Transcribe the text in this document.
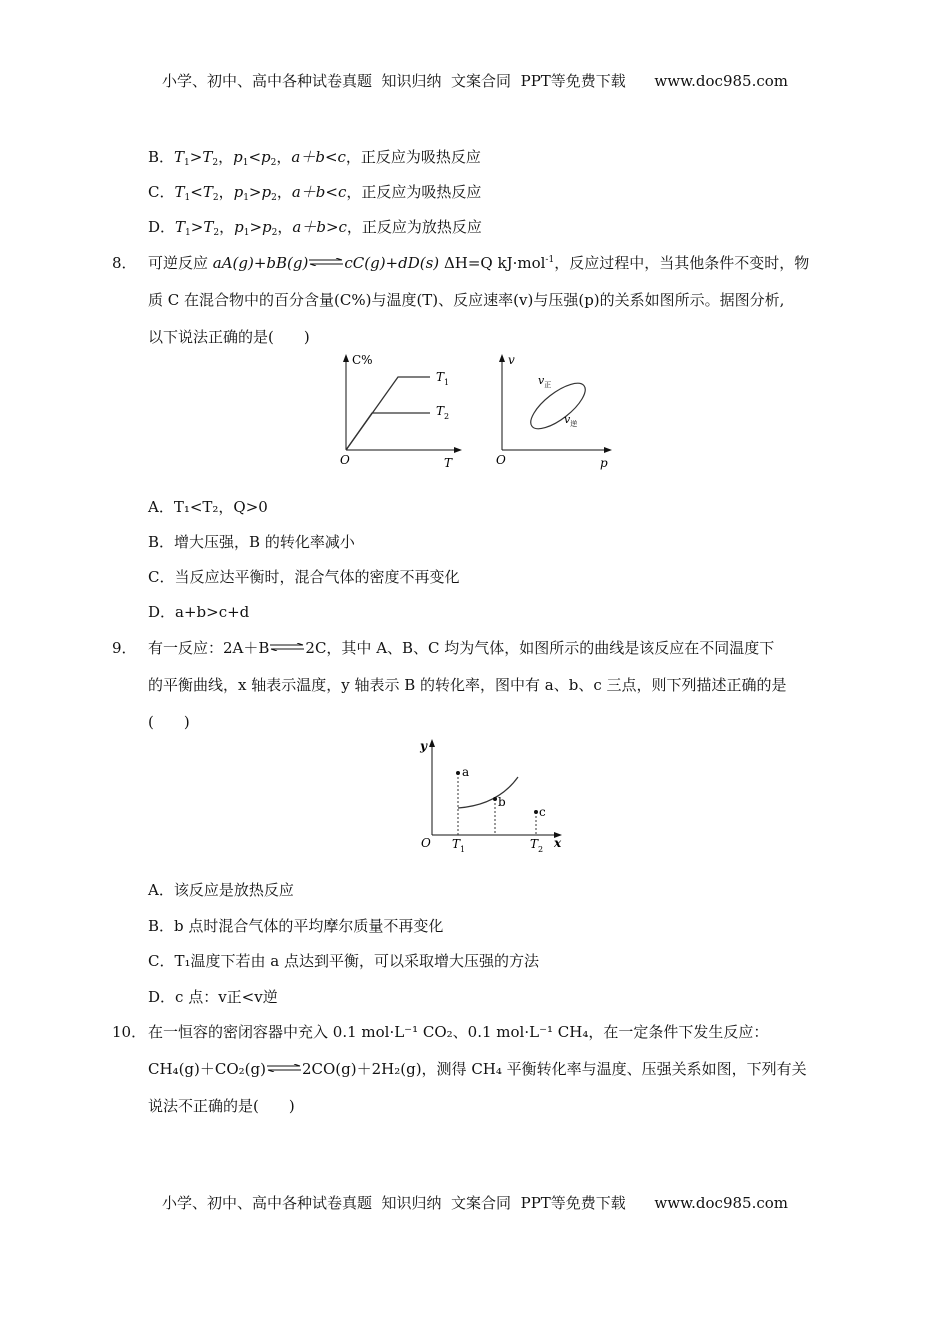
小学、初中、高中各种试卷真题  知识归纳  文案合同  PPT等免费下载 www.doc985.com
B．$T_1>T_2$，$p_1<p_2$，a＋b<c，正反应为吸热反应
C．$T_1<T_2$，$p_1>p_2$，a＋b<c，正反应为吸热反应
D．$T_1>T_2$，$p_1>p_2$，a＋b>c，正反应为放热反应
8． 可逆反应 aA(g)+bB(g)⇌cC(g)+dD(s) ΔH=Q kJ·mol$^{-1}$，反应过程中，当其他条件不变时，物
质 C 在混合物中的百分含量(C%)与温度(T)、反应速率(v)与压强(p)的关系如图所示。据图分析,
以下说法正确的是(　　)
C%
O	T
$T_1$
$T_2$
v
O	p
$v_正$
$v_逆$
A．T₁<T₂，Q>0
B．增大压强，B 的转化率减小
C．当反应达平衡时，混合气体的密度不再变化
D．a+b>c+d
9． 有一反应：2A＋B⇌2C，其中 A、B、C 均为气体，如图所示的曲线是该反应在不同温度下
的平衡曲线，x 轴表示温度，y 轴表示 B 的转化率，图中有 a、b、c 三点，则下列描述正确的是
(　　)
a
b
c
y
O	x
$T_1$	$T_2$
A．该反应是放热反应
B．b 点时混合气体的平均摩尔质量不再变化
C．T₁温度下若由 a 点达到平衡，可以采取增大压强的方法
D．c 点：v正<v逆
10． 在一恒容的密闭容器中充入 0.1 mol·L⁻¹ CO₂、0.1 mol·L⁻¹ CH₄，在一定条件下发生反应：
CH₄(g)＋CO₂(g)⇌2CO(g)＋2H₂(g)，测得 CH₄ 平衡转化率与温度、压强关系如图，下列有关
说法不正确的是(　　)
小学、初中、高中各种试卷真题  知识归纳  文案合同  PPT等免费下载 www.doc985.com
